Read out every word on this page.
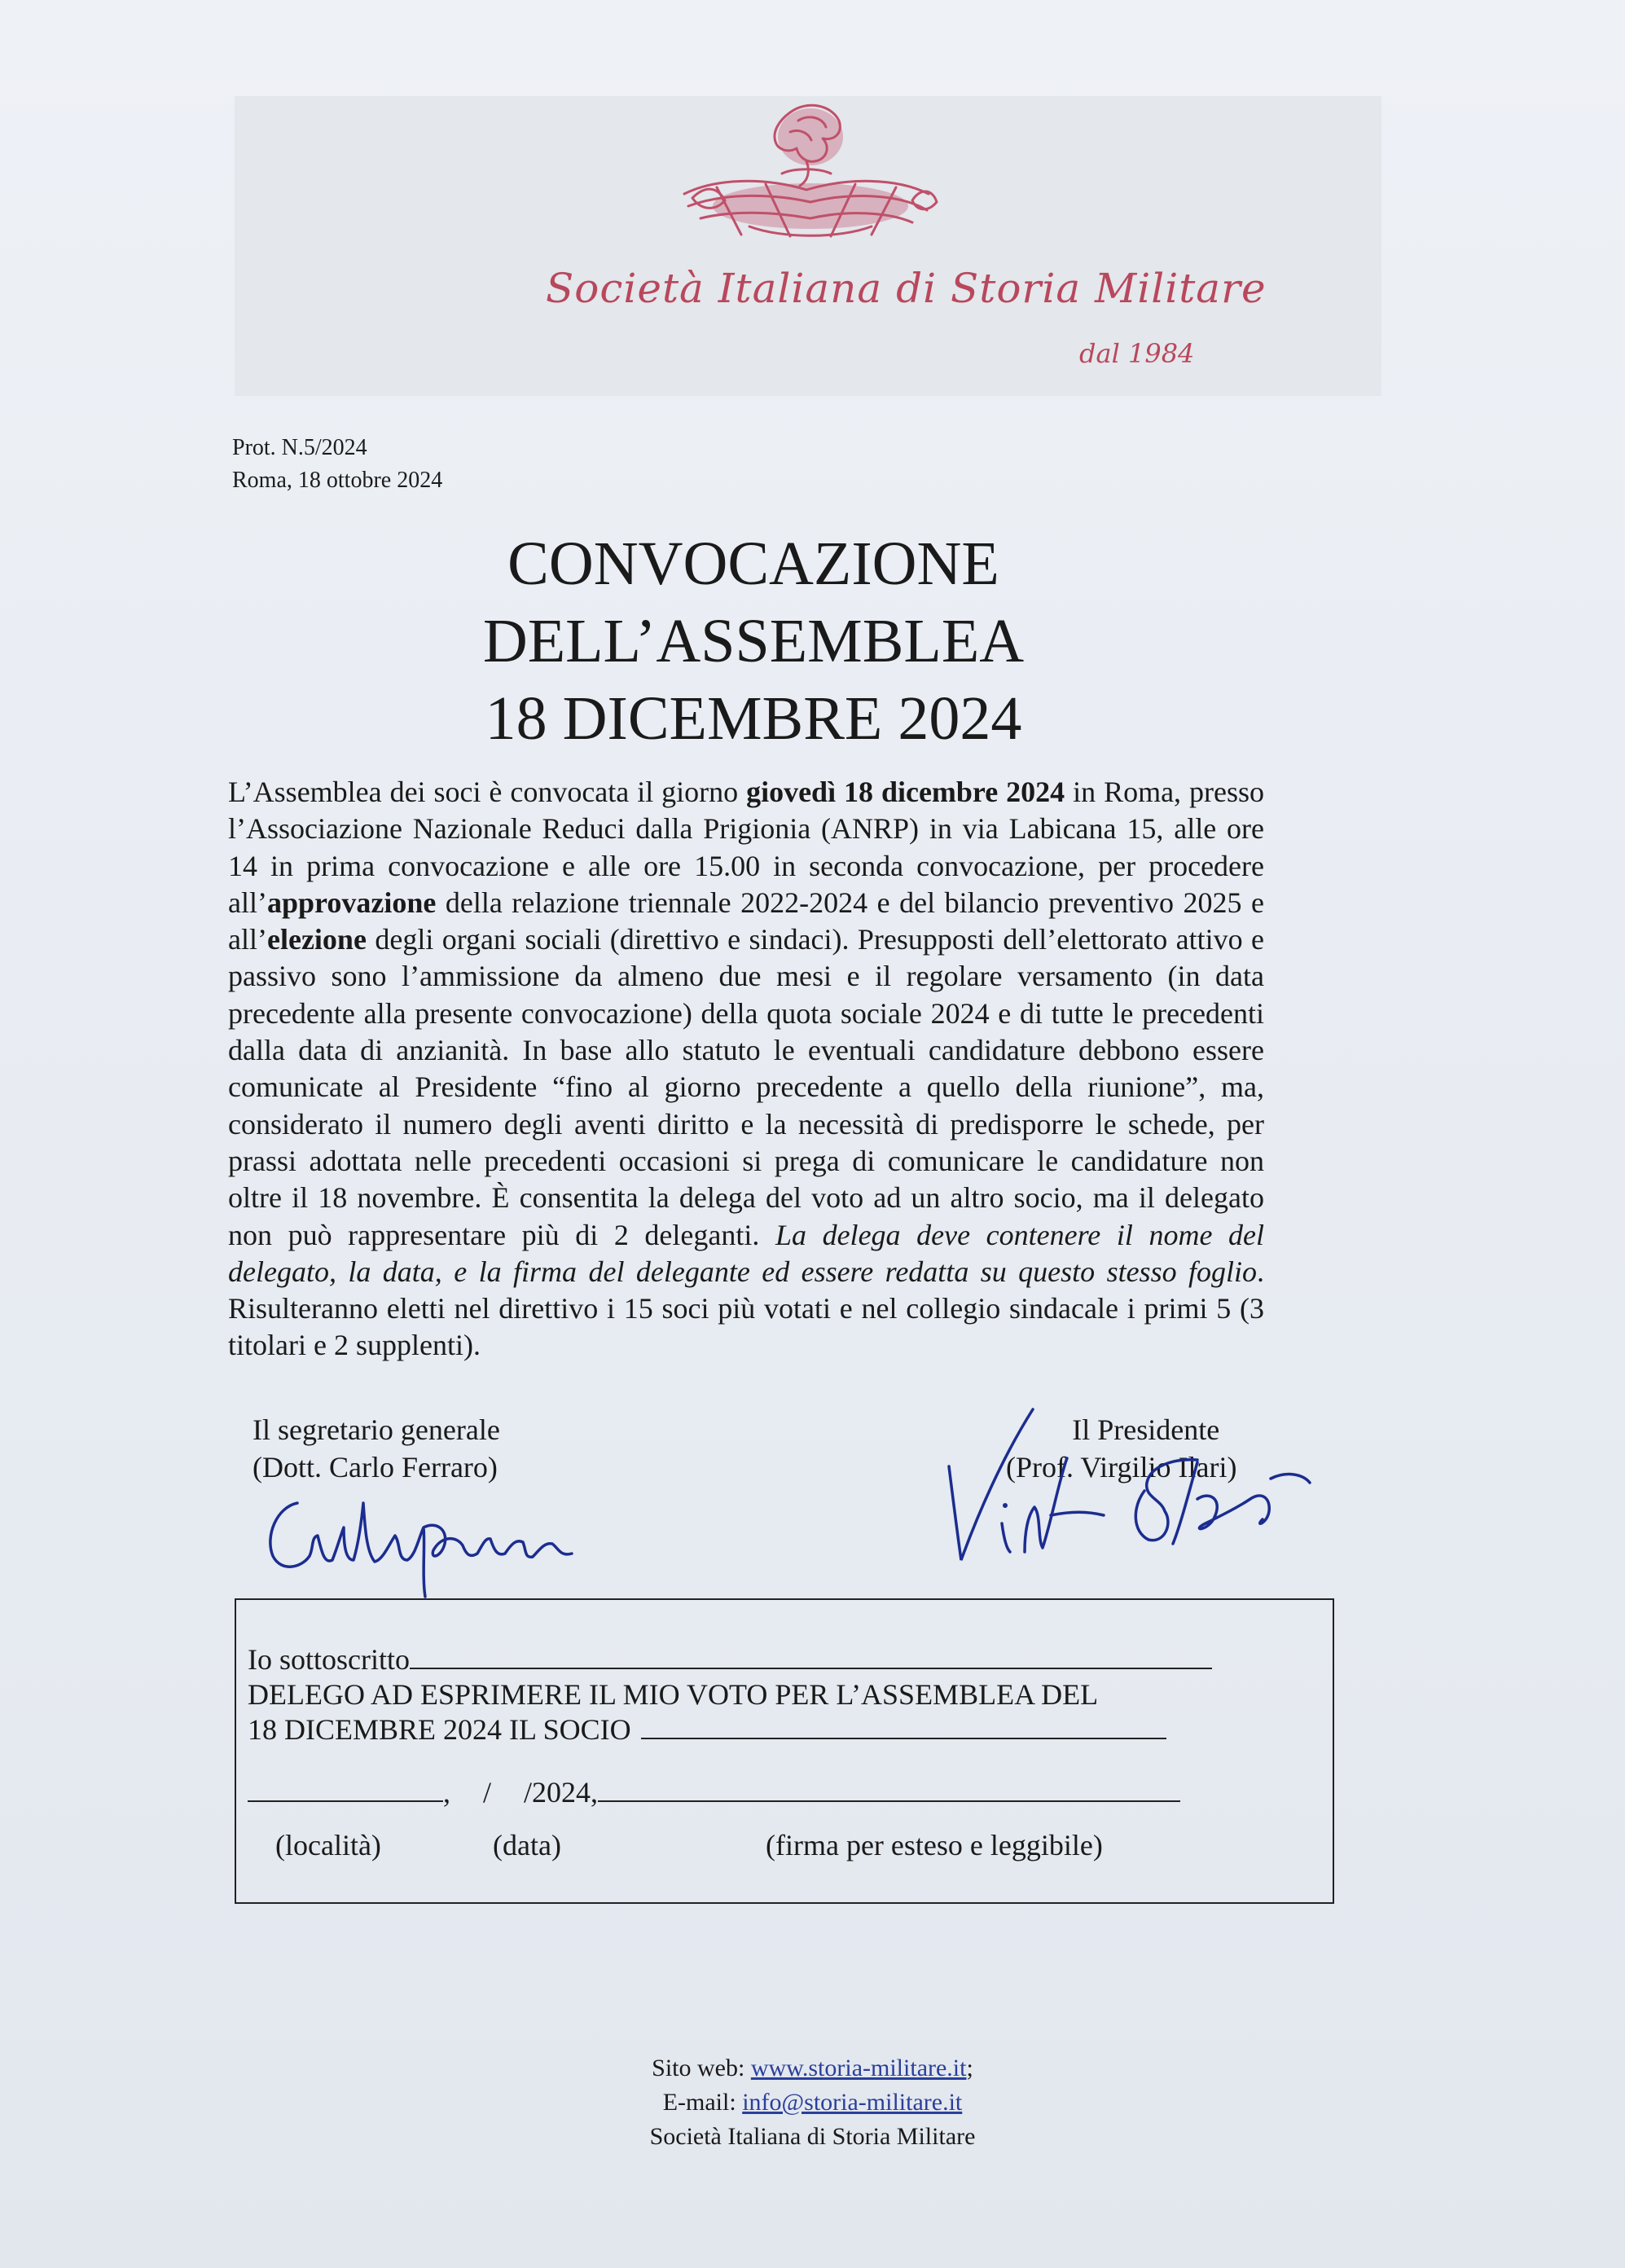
Società Italiana di Storia Militare
dal 1984
Prot. N.5/2024
Roma, 18 ottobre 2024
CONVOCAZIONE
DELL’ASSEMBLEA
18 DICEMBRE 2024
L’Assemblea dei soci è convocata il giorno giovedì 18 dicembre 2024 in Roma, presso l’Associazione Nazionale Reduci dalla Prigionia (ANRP) in via Labicana 15, alle ore 14 in prima convocazione e alle ore 15.00 in seconda convocazione, per procedere all’approvazione della relazione triennale 2022-2024 e del bilancio preventivo 2025 e all’elezione degli organi sociali (direttivo e sindaci). Presupposti dell’elettorato attivo e passivo sono l’ammissione da almeno due mesi e il regolare versamento (in data precedente alla presente convocazione) della quota sociale 2024 e di tutte le precedenti dalla data di anzianità. In base allo statuto le eventuali candidature debbono essere comunicate al Presidente “fino al giorno precedente a quello della riunione”, ma, considerato il numero degli aventi diritto e la necessità di predisporre le schede, per prassi adottata nelle precedenti occasioni si prega di comunicare le candidature non oltre il 18 novembre. È consentita la delega del voto ad un altro socio, ma il delegato non può rappresentare più di 2 deleganti. La delega deve contenere il nome del delegato, la data, e la firma del delegante ed essere redatta su questo stesso foglio. Risulteranno eletti nel direttivo i 15 soci più votati e nel collegio sindacale i primi 5 (3 titolari e 2 supplenti).
Il segretario generale
(Dott. Carlo Ferraro)
Il Presidente
(Prof. Virgilio Ilari)
Io sottoscritto
DELEGO AD ESPRIMERE IL MIO VOTO PER L’ASSEMBLEA DEL
18 DICEMBRE 2024 IL SOCIO
, / /2024,
(località)	(data)	(firma per esteso e leggibile)
Sito web: www.storia-militare.it;
E-mail: info@storia-militare.it
Società Italiana di Storia Militare
